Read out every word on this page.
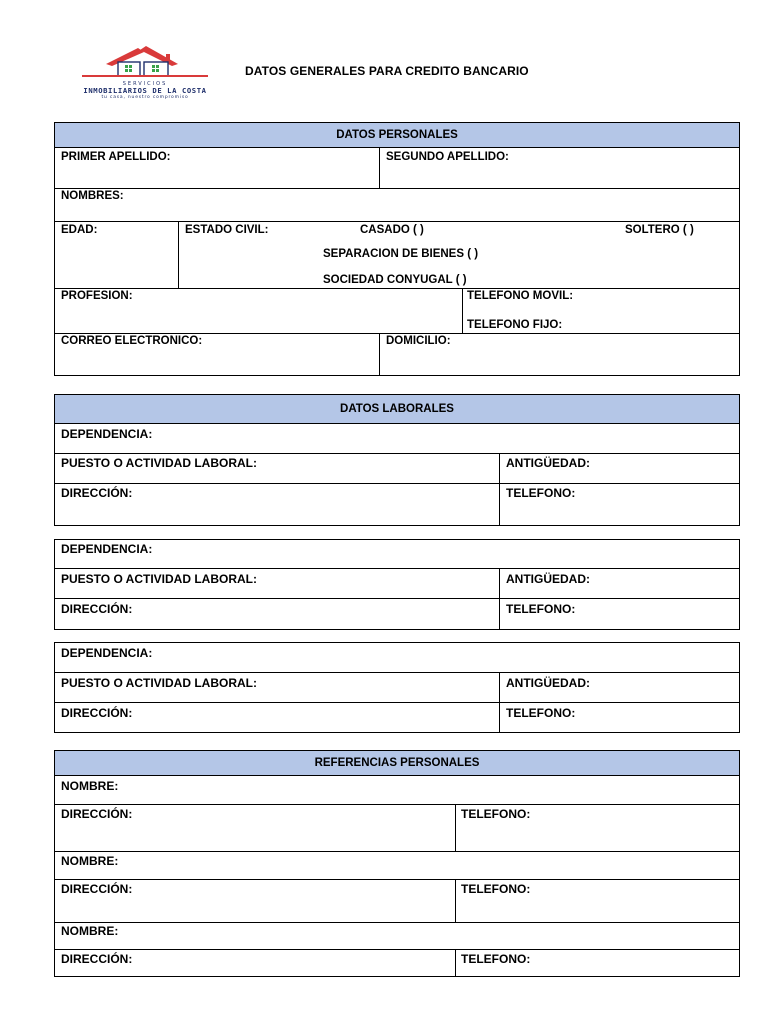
SERVICIOS
INMOBILIARIOS DE LA COSTA
tu casa, nuestro compromiso
DATOS GENERALES PARA CREDITO BANCARIO
DATOS PERSONALES
PRIMER APELLIDO:	SEGUNDO APELLIDO:
NOMBRES:
EDAD:	ESTADO CIVIL:	CASADO ( )	SOLTERO ( )
SEPARACION DE BIENES ( )
SOCIEDAD CONYUGAL ( )
PROFESION:	TELEFONO MOVIL:
TELEFONO FIJO:
CORREO ELECTRONICO:	DOMICILIO:
DATOS LABORALES
DEPENDENCIA:
PUESTO O ACTIVIDAD LABORAL:	ANTIGÜEDAD:
DIRECCIÓN:	TELEFONO:
DEPENDENCIA:
PUESTO O ACTIVIDAD LABORAL:	ANTIGÜEDAD:
DIRECCIÓN:	TELEFONO:
DEPENDENCIA:
PUESTO O ACTIVIDAD LABORAL:	ANTIGÜEDAD:
DIRECCIÓN:	TELEFONO:
REFERENCIAS PERSONALES
NOMBRE:
DIRECCIÓN:	TELEFONO:
NOMBRE:
DIRECCIÓN:	TELEFONO:
NOMBRE:
DIRECCIÓN:	TELEFONO:
